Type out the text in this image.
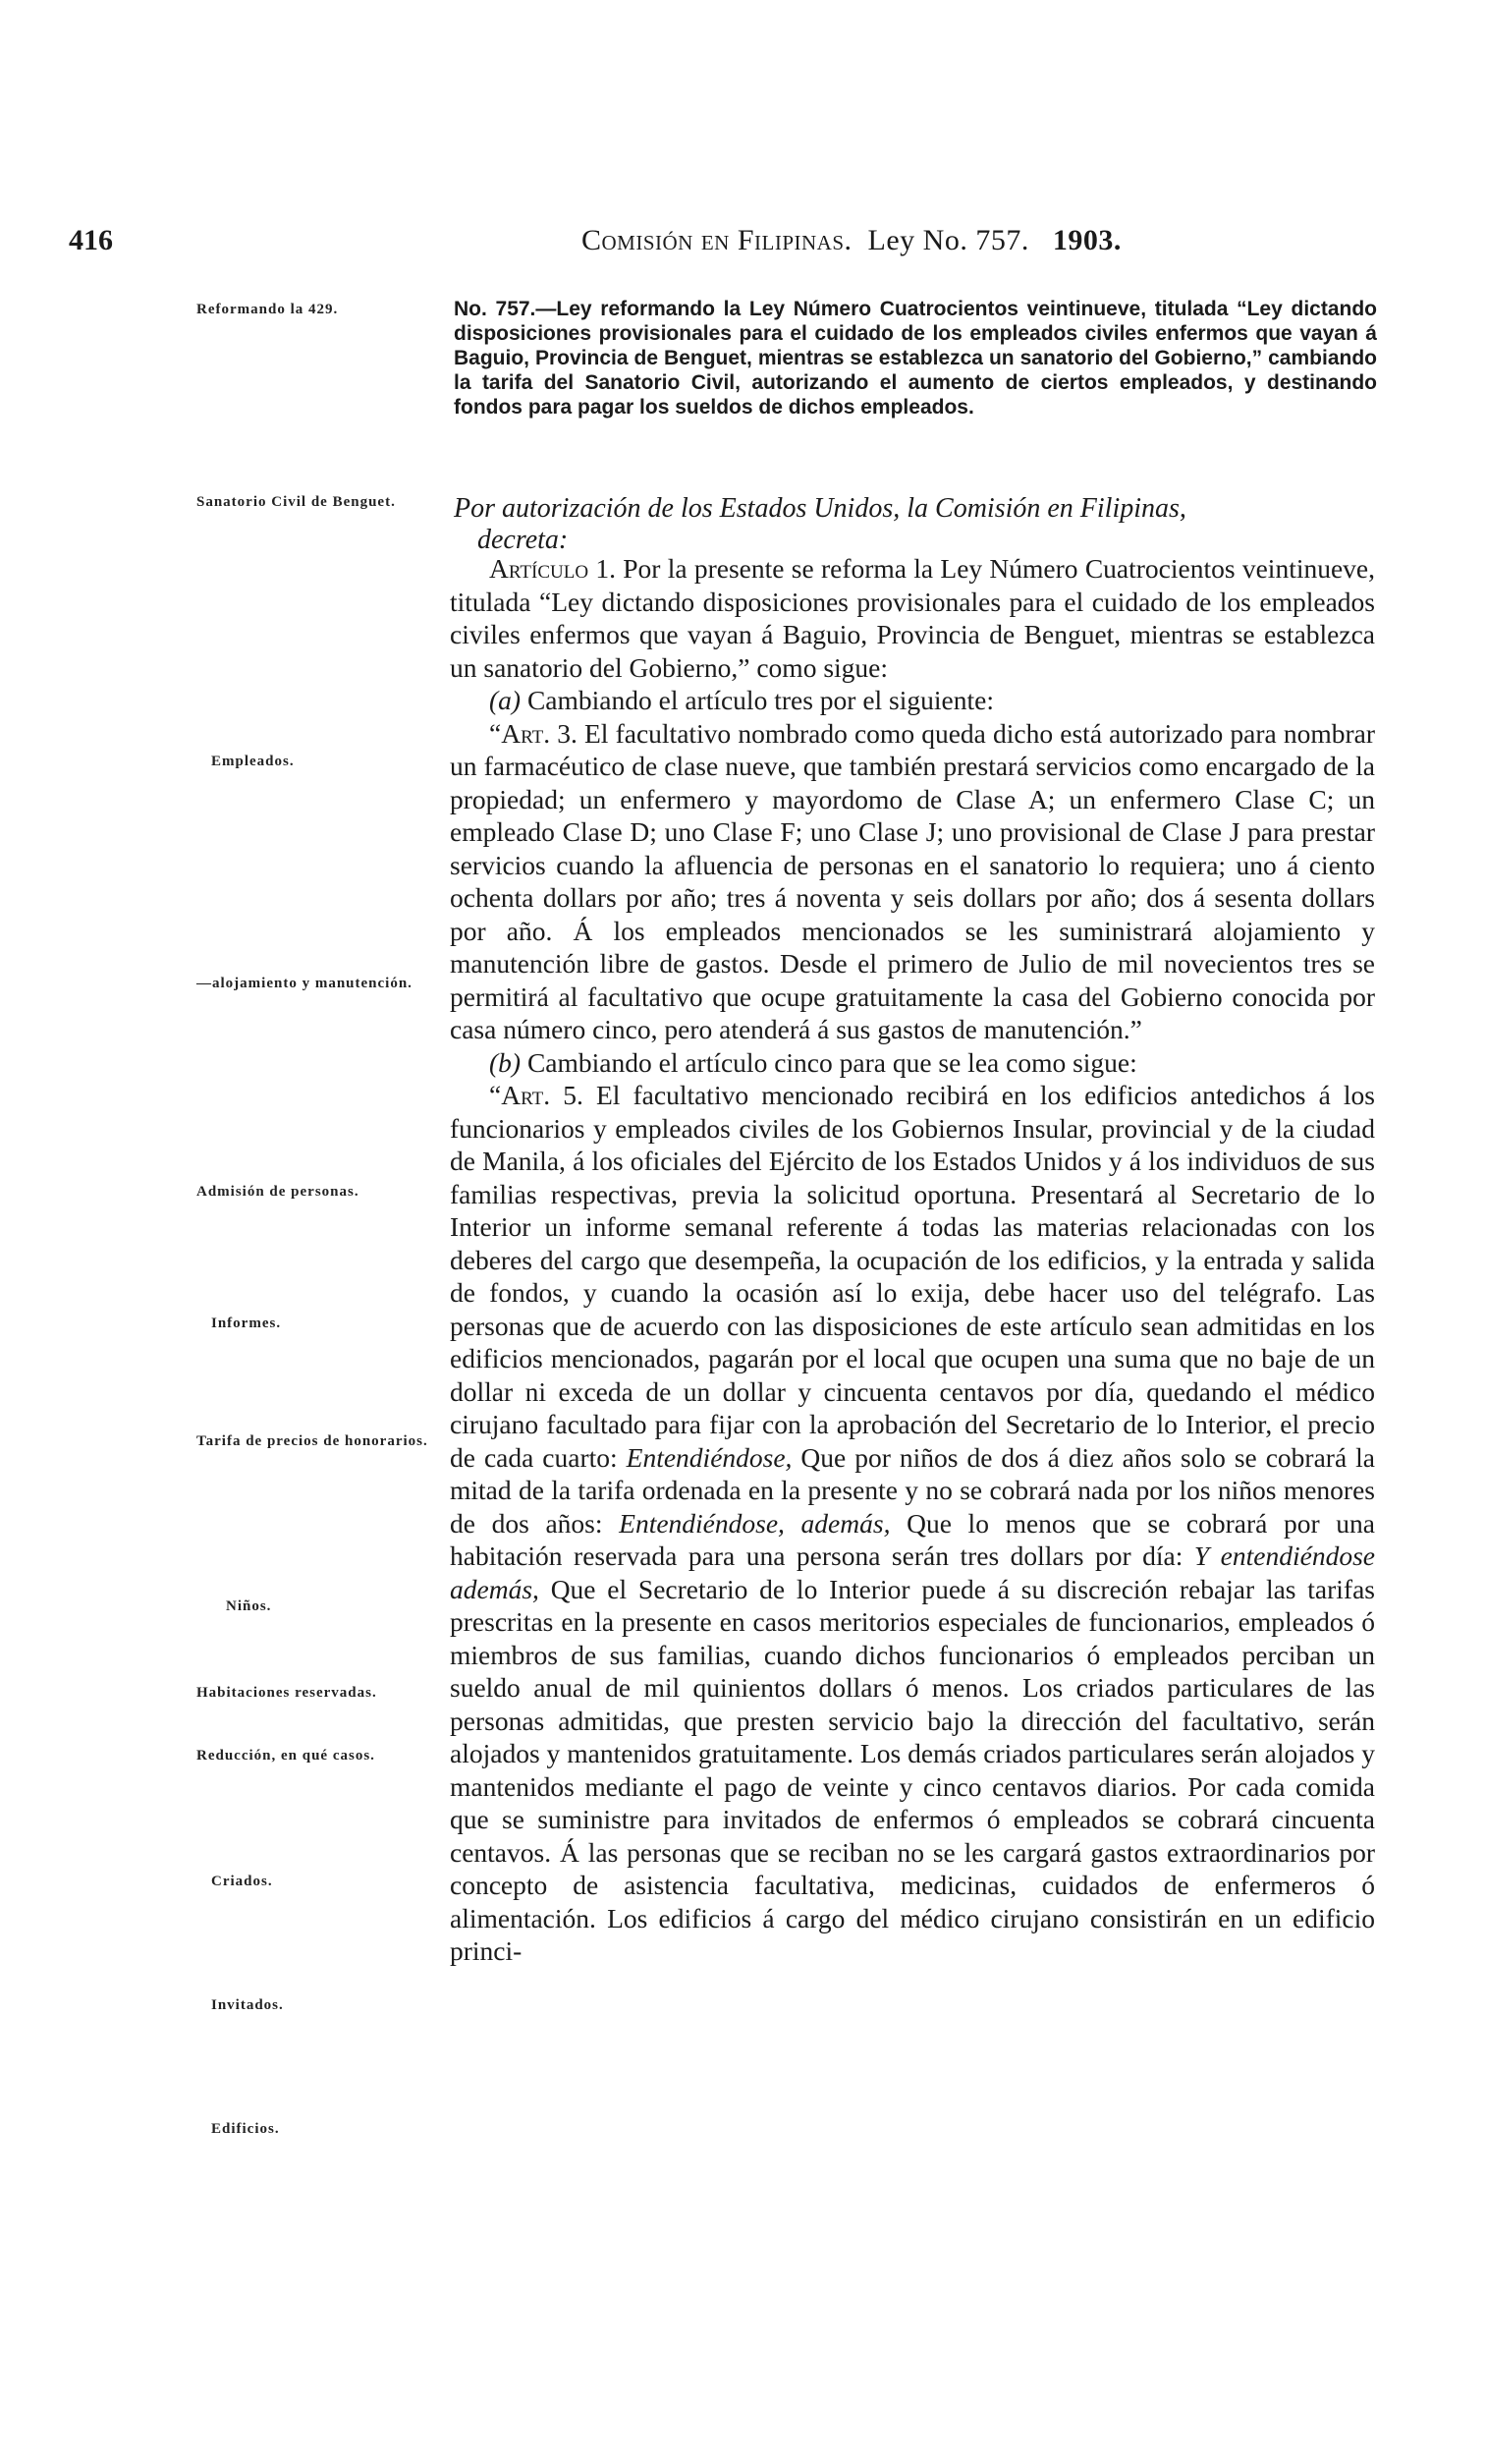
416	Comisión en Filipinas. Ley No. 757. 1903.
Reformando la 429.
Sanatorio Civil de Benguet.
Empleados.
—alojamiento y manutención.
Admisión de personas.
Informes.
Tarifa de precios de honorarios.
Niños.
Habitaciones reservadas.
Reducción, en qué casos.
Criados.
Invitados.
Edificios.
No. 757.—Ley reformando la Ley Número Cuatrocientos veintinueve, titulada “Ley dictando disposiciones provisionales para el cuidado de los empleados civiles enfermos que vayan á Baguio, Provincia de Benguet, mientras se establezca un sanatorio del Gobierno,” cambiando la tarifa del Sanatorio Civil, autorizando el aumento de ciertos empleados, y destinando fondos para pagar los sueldos de dichos empleados.
Por autorización de los Estados Unidos, la Comisión en Filipinas,
decreta:

Artículo 1. Por la presente se reforma la Ley Número Cuatrocientos veintinueve, titulada “Ley dictando disposiciones provisionales para el cuidado de los empleados civiles enfermos que vayan á Baguio, Provincia de Benguet, mientras se establezca un sanatorio del Gobierno,” como sigue:

(a) Cambiando el artículo tres por el siguiente:

“Art. 3. El facultativo nombrado como queda dicho está autorizado para nombrar un farmacéutico de clase nueve, que también prestará servicios como encargado de la propiedad; un enfermero y mayordomo de Clase A; un enfermero Clase C; un empleado Clase D; uno Clase F; uno Clase J; uno provisional de Clase J para prestar servicios cuando la afluencia de personas en el sanatorio lo requiera; uno á ciento ochenta dollars por año; tres á noventa y seis dollars por año; dos á sesenta dollars por año. Á los empleados mencionados se les suministrará alojamiento y manutención libre de gastos. Desde el primero de Julio de mil novecientos tres se permitirá al facultativo que ocupe gratuitamente la casa del Gobierno conocida por casa número cinco, pero atenderá á sus gastos de manutención.”

(b) Cambiando el artículo cinco para que se lea como sigue:

“Art. 5. El facultativo mencionado recibirá en los edificios antedichos á los funcionarios y empleados civiles de los Gobiernos Insular, provincial y de la ciudad de Manila, á los oficiales del Ejército de los Estados Unidos y á los individuos de sus familias respectivas, previa la solicitud oportuna. Presentará al Secretario de lo Interior un informe semanal referente á todas las materias relacionadas con los deberes del cargo que desempeña, la ocupación de los edificios, y la entrada y salida de fondos, y cuando la ocasión así lo exija, debe hacer uso del telégrafo. Las personas que de acuerdo con las disposiciones de este artículo sean admitidas en los edificios mencionados, pagarán por el local que ocupen una suma que no baje de un dollar ni exceda de un dollar y cincuenta centavos por día, quedando el médico cirujano facultado para fijar con la aprobación del Secretario de lo Interior, el precio de cada cuarto: Entendiéndose, Que por niños de dos á diez años solo se cobrará la mitad de la tarifa ordenada en la presente y no se cobrará nada por los niños menores de dos años: Entendiéndose, además, Que lo menos que se cobrará por una habitación reservada para una persona serán tres dollars por día: Y entendiéndose además, Que el Secretario de lo Interior puede á su discreción rebajar las tarifas prescritas en la presente en casos meritorios especiales de funcionarios, empleados ó miembros de sus familias, cuando dichos funcionarios ó empleados perciban un sueldo anual de mil quinientos dollars ó menos. Los criados particulares de las personas admitidas, que presten servicio bajo la dirección del facultativo, serán alojados y mantenidos gratuitamente. Los demás criados particulares serán alojados y mantenidos mediante el pago de veinte y cinco centavos diarios. Por cada comida que se suministre para invitados de enfermos ó empleados se cobrará cincuenta centavos. Á las personas que se reciban no se les cargará gastos extraordinarios por concepto de asistencia facultativa, medicinas, cuidados de enfermeros ó alimentación. Los edificios á cargo del médico cirujano consistirán en un edificio princi-
